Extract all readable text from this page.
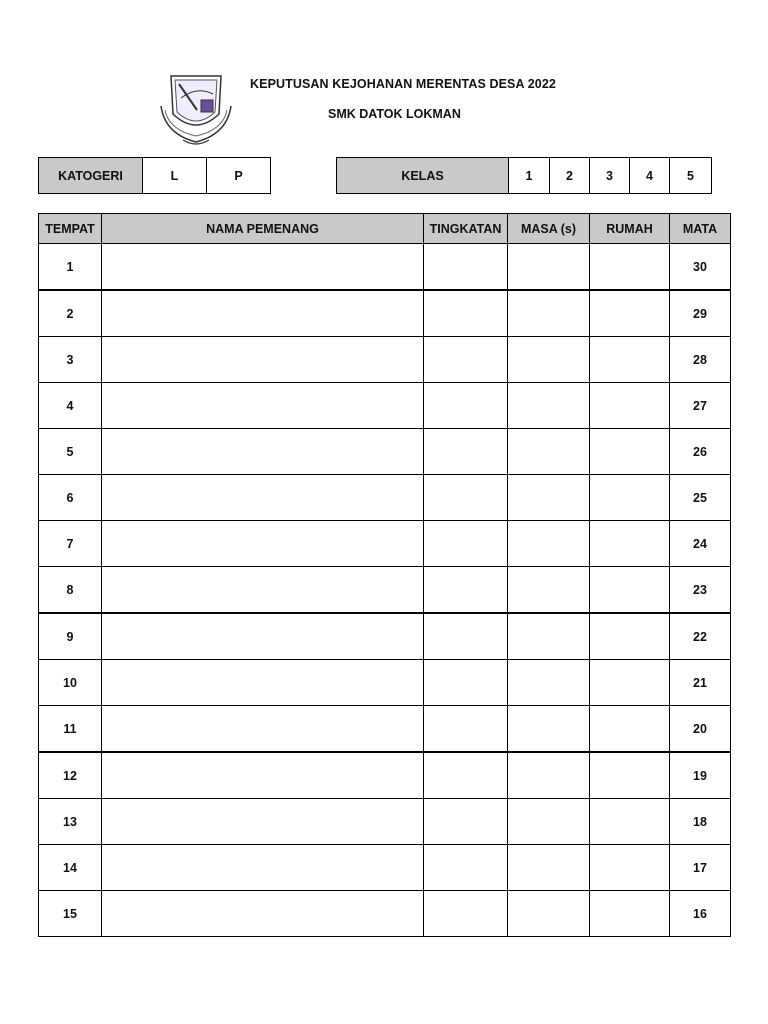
KEPUTUSAN KEJOHANAN MERENTAS DESA 2022
SMK DATOK LOKMAN
KATOGERI	L	P	KELAS	1	2	3	4	5
TEMPAT	NAMA PEMENANG	TINGKATAN	MASA (s)	RUMAH	MATA
1					30
2					29
3					28
4					27
5					26
6					25
7					24
8					23
9					22
10					21
11					20
12					19
13					18
14					17
15					16
